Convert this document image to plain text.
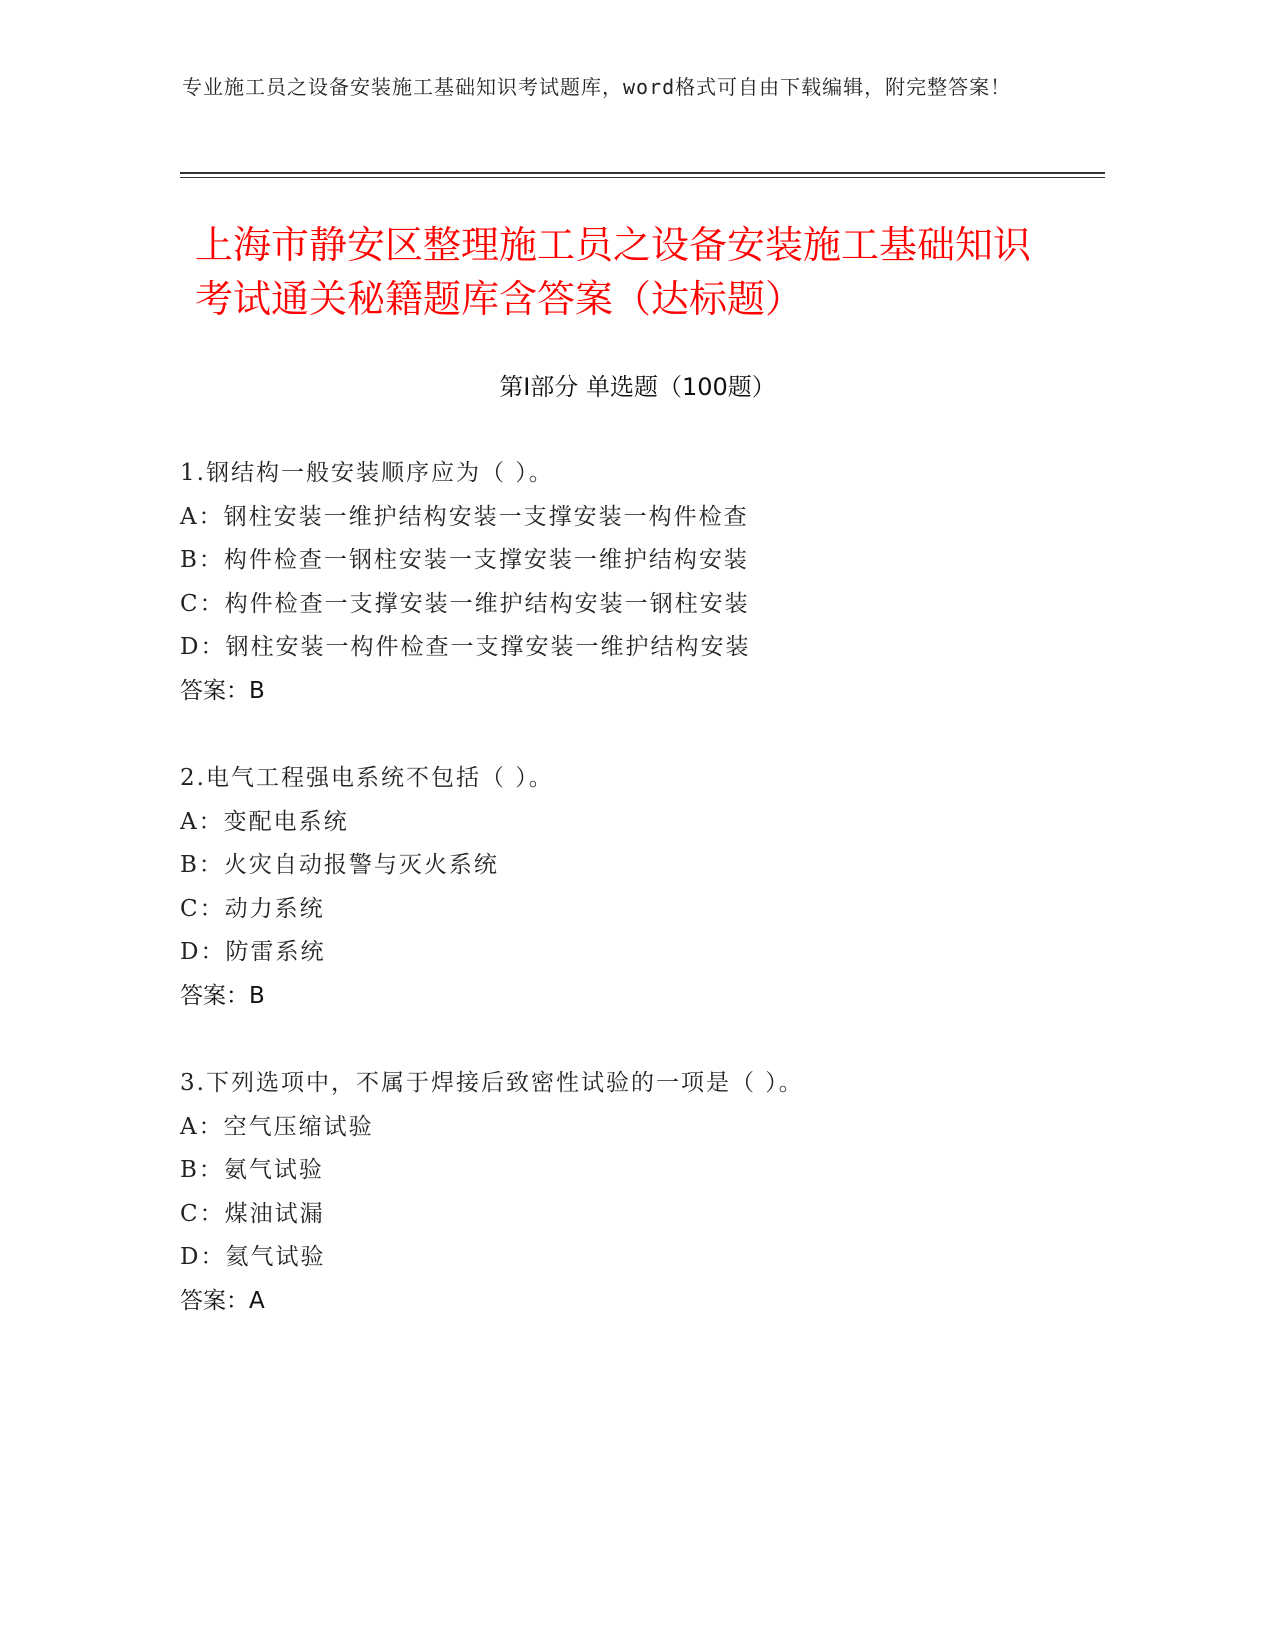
专业施工员之设备安装施工基础知识考试题库，word格式可自由下载编辑，附完整答案！
上海市静安区整理施工员之设备安装施工基础知识考试通关秘籍题库含答案（达标题）
第Ⅰ部分 单选题（100题）
1.钢结构一般安装顺序应为（ ）。
A：钢柱安装一维护结构安装一支撑安装一构件检查
B：构件检查一钢柱安装一支撑安装一维护结构安装
C：构件检查一支撑安装一维护结构安装一钢柱安装
D：钢柱安装一构件检查一支撑安装一维护结构安装
答案：B
2.电气工程强电系统不包括（ ）。
A：变配电系统
B：火灾自动报警与灭火系统
C：动力系统
D：防雷系统
答案：B
3.下列选项中，不属于焊接后致密性试验的一项是（ ）。
A：空气压缩试验
B：氨气试验
C：煤油试漏
D：氦气试验
答案：A
